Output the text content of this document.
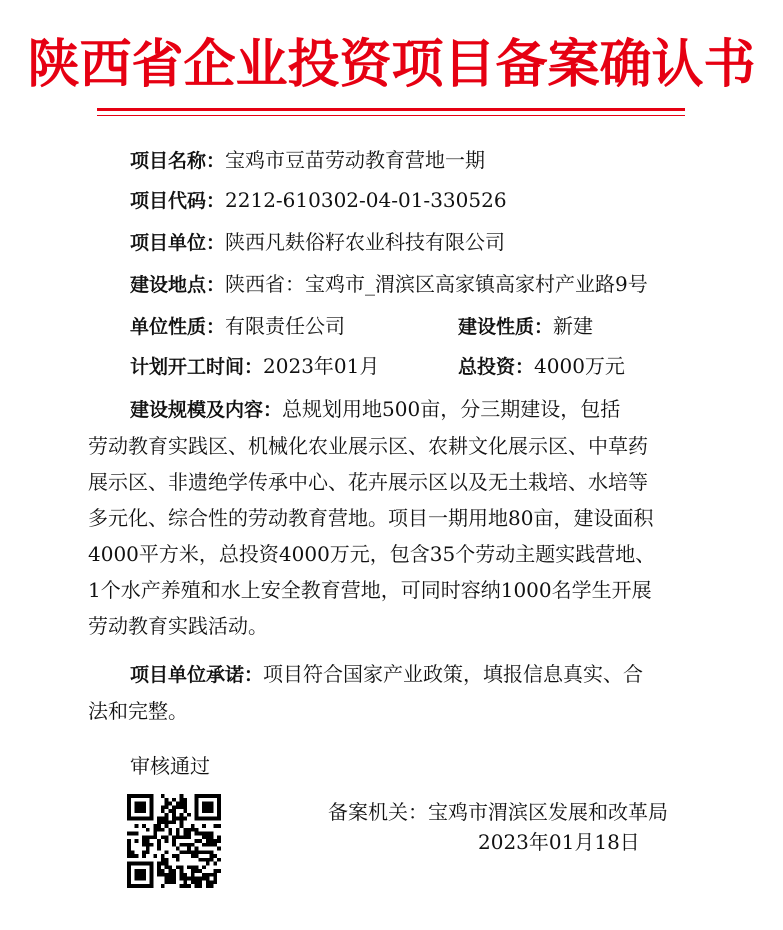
陕西省企业投资项目备案确认书
项目名称：宝鸡市豆苗劳动教育营地一期
项目代码：2212-610302-04-01-330526
项目单位：陕西凡麸俗籽农业科技有限公司
建设地点：陕西省：宝鸡市_渭滨区高家镇高家村产业路9号
单位性质：有限责任公司	建设性质：新建
计划开工时间：2023年01月	总投资：4000万元
建设规模及内容：总规划用地500亩，分三期建设，包括
劳动教育实践区、机械化农业展示区、农耕文化展示区、中草药
展示区、非遗绝学传承中心、花卉展示区以及无土栽培、水培等
多元化、综合性的劳动教育营地。项目一期用地80亩，建设面积
4000平方米，总投资4000万元，包含35个劳动主题实践营地、
1个水产养殖和水上安全教育营地，可同时容纳1000名学生开展
劳动教育实践活动。
项目单位承诺：项目符合国家产业政策，填报信息真实、合
法和完整。
审核通过
备案机关：宝鸡市渭滨区发展和改革局
2023年01月18日
